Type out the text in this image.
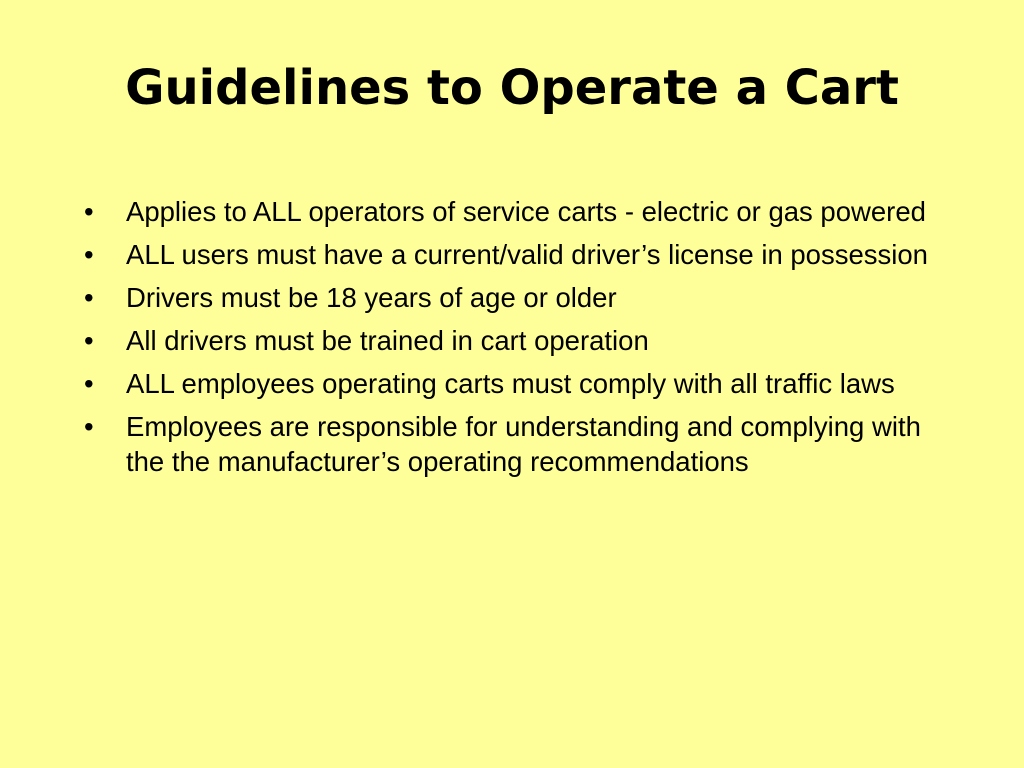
Guidelines to Operate a Cart
•	Applies to ALL operators of service carts - electric or gas powered
•	ALL users must have a current/valid driver’s license in possession
•	Drivers must be 18 years of age or older
•	All drivers must be trained in cart operation
•	ALL employees operating carts must comply with all traffic laws
•	Employees are responsible for understanding and complying with the the manufacturer’s operating recommendations
